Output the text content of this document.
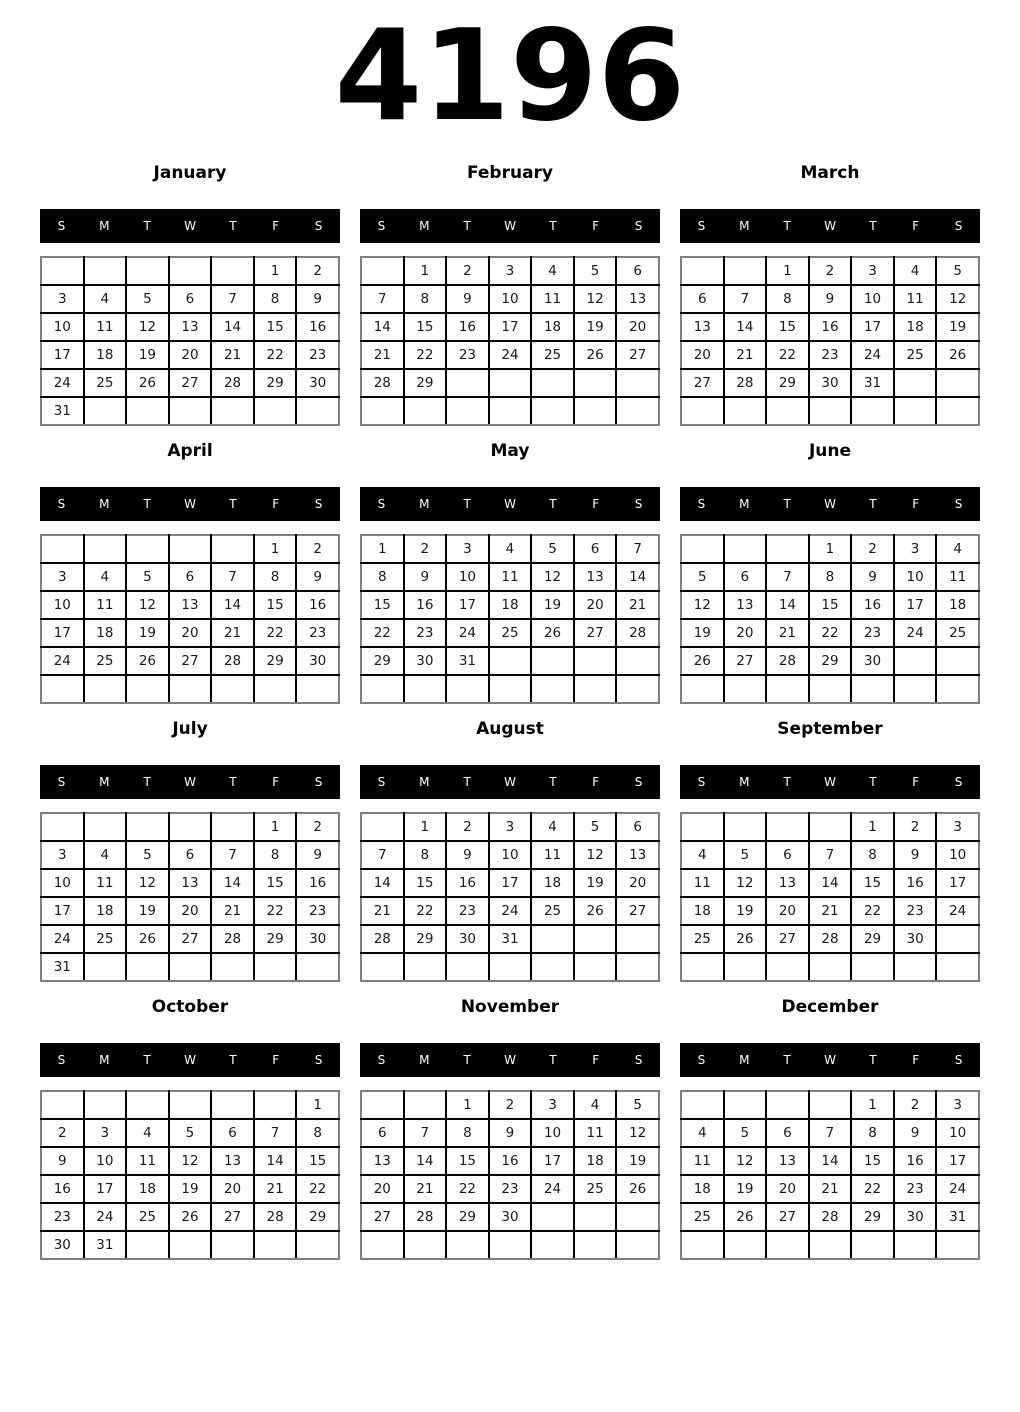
4196
January
S	M	T	W	T	F	S
					1	2
3	4	5	6	7	8	9
10	11	12	13	14	15	16
17	18	19	20	21	22	23
24	25	26	27	28	29	30
31						
February
S	M	T	W	T	F	S
	1	2	3	4	5	6
7	8	9	10	11	12	13
14	15	16	17	18	19	20
21	22	23	24	25	26	27
28	29					

March
S	M	T	W	T	F	S
		1	2	3	4	5
6	7	8	9	10	11	12
13	14	15	16	17	18	19
20	21	22	23	24	25	26
27	28	29	30	31		

April
S	M	T	W	T	F	S
					1	2
3	4	5	6	7	8	9
10	11	12	13	14	15	16
17	18	19	20	21	22	23
24	25	26	27	28	29	30

May
S	M	T	W	T	F	S
1	2	3	4	5	6	7
8	9	10	11	12	13	14
15	16	17	18	19	20	21
22	23	24	25	26	27	28
29	30	31				

June
S	M	T	W	T	F	S
			1	2	3	4
5	6	7	8	9	10	11
12	13	14	15	16	17	18
19	20	21	22	23	24	25
26	27	28	29	30		

July
S	M	T	W	T	F	S
					1	2
3	4	5	6	7	8	9
10	11	12	13	14	15	16
17	18	19	20	21	22	23
24	25	26	27	28	29	30
31						
August
S	M	T	W	T	F	S
	1	2	3	4	5	6
7	8	9	10	11	12	13
14	15	16	17	18	19	20
21	22	23	24	25	26	27
28	29	30	31			

September
S	M	T	W	T	F	S
				1	2	3
4	5	6	7	8	9	10
11	12	13	14	15	16	17
18	19	20	21	22	23	24
25	26	27	28	29	30	

October
S	M	T	W	T	F	S
						1
2	3	4	5	6	7	8
9	10	11	12	13	14	15
16	17	18	19	20	21	22
23	24	25	26	27	28	29
30	31					
November
S	M	T	W	T	F	S
		1	2	3	4	5
6	7	8	9	10	11	12
13	14	15	16	17	18	19
20	21	22	23	24	25	26
27	28	29	30			

December
S	M	T	W	T	F	S
				1	2	3
4	5	6	7	8	9	10
11	12	13	14	15	16	17
18	19	20	21	22	23	24
25	26	27	28	29	30	31
